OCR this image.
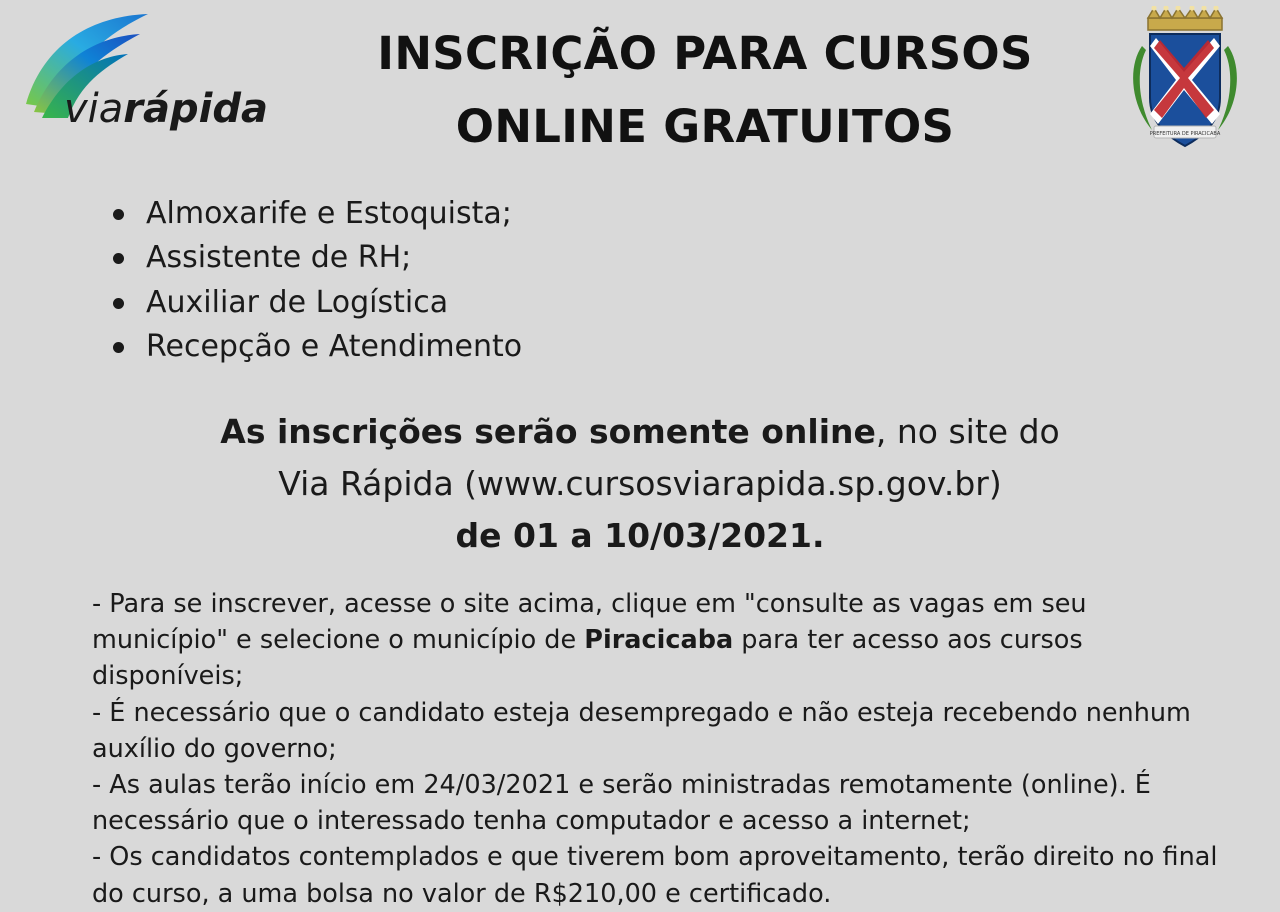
viarápida
INSCRIÇÃO PARA CURSOS
ONLINE GRATUITOS	PREFEITURA DE PIRACICABA
Almoxarife e Estoquista;
Assistente de RH;
Auxiliar de Logística
Recepção e Atendimento
As inscrições serão somente online, no site do
Via Rápida (www.cursosviarapida.sp.gov.br)
de 01 a 10/03/2021.

- Para se inscrever, acesse o site acima, clique em "consulte as vagas em seu município" e selecione o município de Piracicaba para ter acesso aos cursos disponíveis;

- É necessário que o candidato esteja desempregado e não esteja recebendo nenhum auxílio do governo;

- As aulas terão início em 24/03/2021 e serão ministradas remotamente (online). É necessário que o interessado tenha computador e acesso a internet;

- Os candidatos contemplados e que tiverem bom aproveitamento, terão direito no final do curso, a uma bolsa no valor de R$210,00 e certificado.
